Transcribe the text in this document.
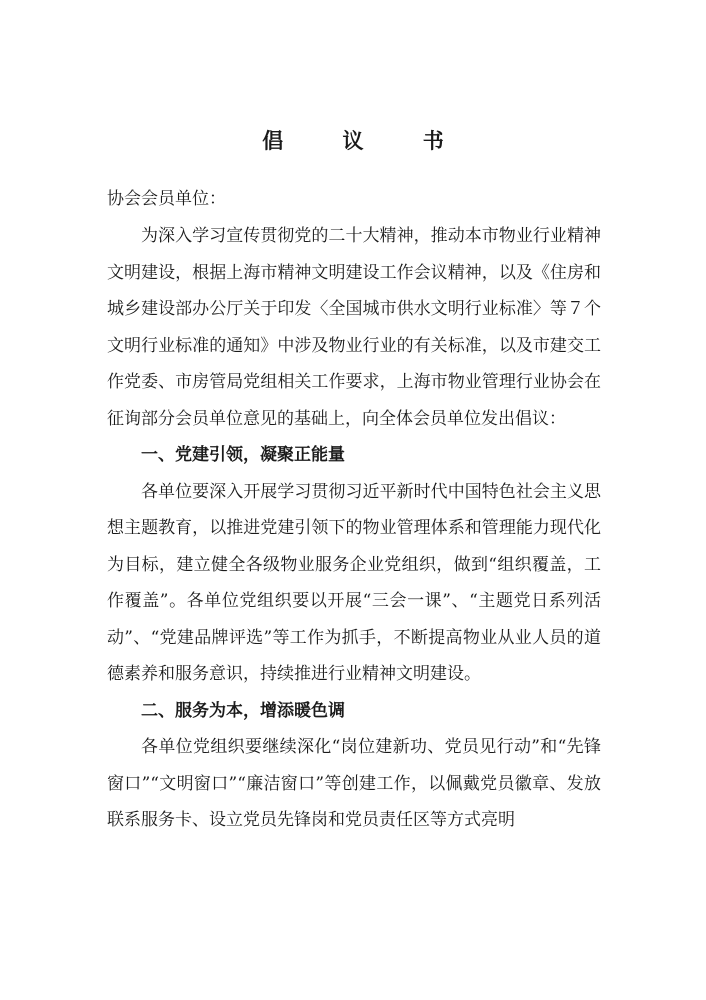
倡 议 书
协会会员单位：

为深入学习宣传贯彻党的二十大精神，推动本市物业行业精神文明建设，根据上海市精神文明建设工作会议精神，以及《住房和城乡建设部办公厅关于印发〈全国城市供水文明行业标准〉等７个文明行业标准的通知》中涉及物业行业的有关标准，以及市建交工作党委、市房管局党组相关工作要求，上海市物业管理行业协会在征询部分会员单位意见的基础上，向全体会员单位发出倡议：

一、党建引领，凝聚正能量

各单位要深入开展学习贯彻习近平新时代中国特色社会主义思想主题教育，以推进党建引领下的物业管理体系和管理能力现代化为目标，建立健全各级物业服务企业党组织，做到“组织覆盖，工作覆盖”。各单位党组织要以开展“三会一课”、“主题党日系列活动”、“党建品牌评选”等工作为抓手，不断提高物业从业人员的道德素养和服务意识，持续推进行业精神文明建设。

二、服务为本，增添暖色调

各单位党组织要继续深化“岗位建新功、党员见行动”和“先锋窗口”“文明窗口”“廉洁窗口”等创建工作，以佩戴党员徽章、发放联系服务卡、设立党员先锋岗和党员责任区等方式亮明
